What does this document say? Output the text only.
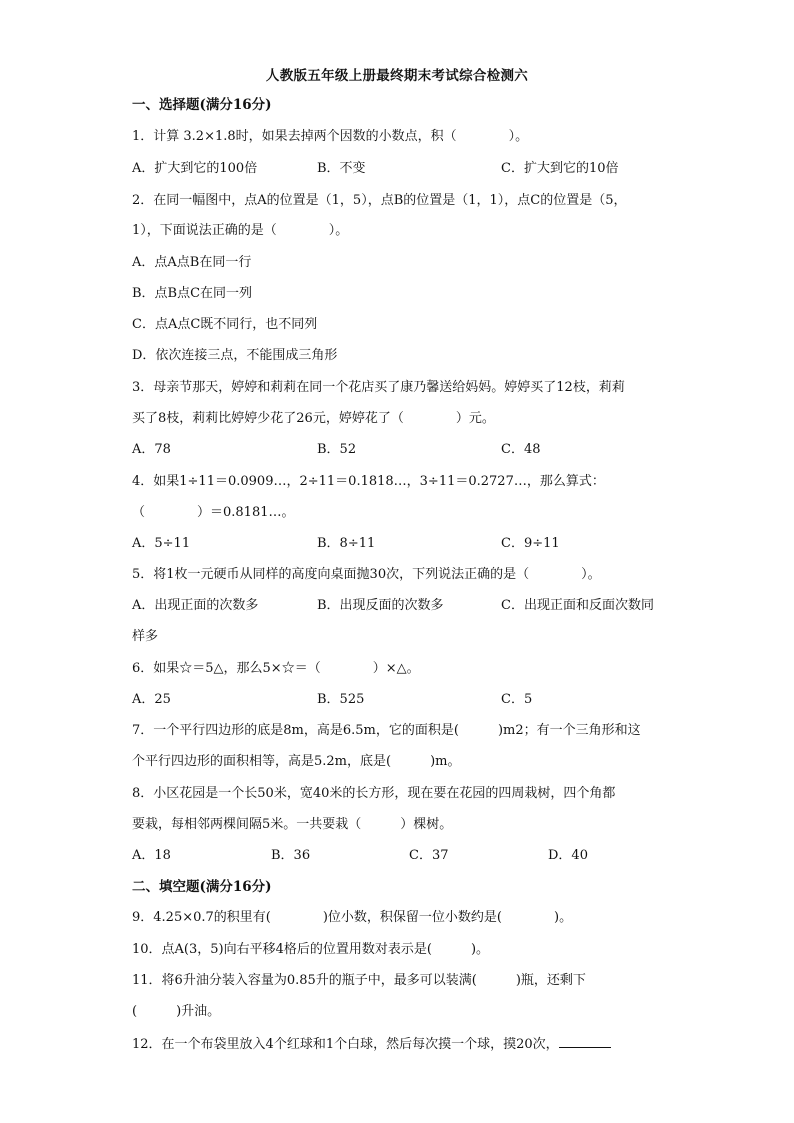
人教版五年级上册最终期末考试综合检测六
一、选择题(满分16分)
1．计算 3.2×1.8时，如果去掉两个因数的小数点，积（　　　　）。
A．扩大到它的100倍	B．不变	C．扩大到它的10倍
2．在同一幅图中，点A的位置是（1，5），点B的位置是（1，1），点C的位置是（5，
1），下面说法正确的是（　　　　）。
A．点A点B在同一行
B．点B点C在同一列
C．点A点C既不同行，也不同列
D．依次连接三点，不能围成三角形
3．母亲节那天，婷婷和莉莉在同一个花店买了康乃馨送给妈妈。婷婷买了12枝，莉莉
买了8枝，莉莉比婷婷少花了26元，婷婷花了（　　　　）元。
A．78	B．52	C．48
4．如果1÷11＝0.0909…，2÷11＝0.1818…，3÷11＝0.2727…，那么算式：
（　　　　）＝0.8181…。
A．5÷11	B．8÷11	C．9÷11
5．将1枚一元硬币从同样的高度向桌面抛30次，下列说法正确的是（　　　　）。
A．出现正面的次数多	B．出现反面的次数多	C．出现正面和反面次数同
样多
6．如果☆＝5△，那么5×☆＝（　　　　）×△。
A．25	B．525	C．5
7．一个平行四边形的底是8m，高是6.5m，它的面积是(　　　)m2；有一个三角形和这
个平行四边形的面积相等，高是5.2m，底是(　　　)m。
8．小区花园是一个长50米，宽40米的长方形，现在要在花园的四周栽树，四个角都
要栽，每相邻两棵间隔5米。一共要栽（　　　）棵树。
A．18	B．36	C．37	D．40
二、填空题(满分16分)
9．4.25×0.7的积里有(　　　　)位小数，积保留一位小数约是(　　　　)。
10．点A(3，5)向右平移4格后的位置用数对表示是(　　　)。
11．将6升油分装入容量为0.85升的瓶子中，最多可以装满(　　　)瓶，还剩下
(　　　)升油。
12．在一个布袋里放入4个红球和1个白球，然后每次摸一个球，摸20次，
